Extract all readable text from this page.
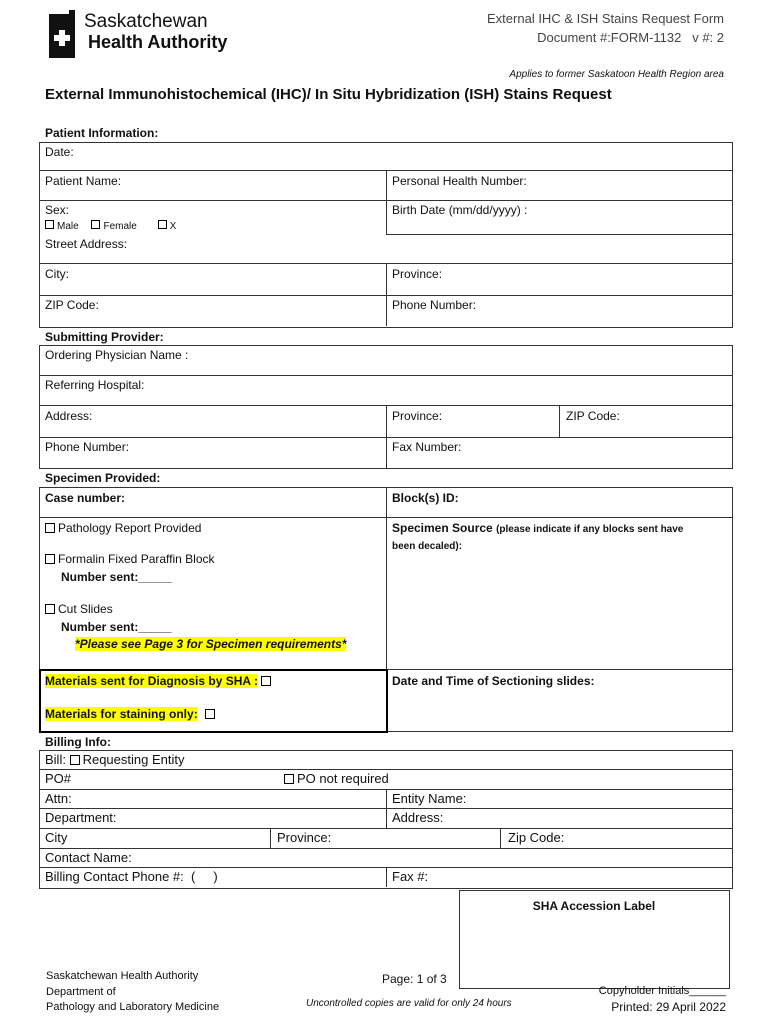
Saskatchewan
Health Authority
External IHC & ISH Stains Request Form
Document #:FORM-1132   v #: 2
Applies to former Saskatoon Health Region area
External Immunohistochemical (IHC)/ In Situ Hybridization (ISH) Stains Request
Patient Information:
Date:
Patient Name:	Personal Health Number:
Sex:
Male Female	X
Birth Date (mm/dd/yyyy) :
Street Address:
City:	Province:
ZIP Code:	Phone Number:
Submitting Provider:
Ordering Physician Name :
Referring Hospital:
Address:	Province:	ZIP Code:
Phone Number:	Fax Number:
Specimen Provided:
Case number:	Block(s) ID:
Pathology Report Provided
Formalin Fixed Paraffin Block
Number sent:_____
Cut Slides
Number sent:_____
*Please see Page 3 for Specimen requirements*
Specimen Source (please indicate if any blocks sent have
been decaled):
Materials sent for Diagnosis by SHA :
Materials for staining only:
Date and Time of Sectioning slides:
Billing Info:
Bill: Requesting Entity
PO#	PO not required
Attn:	Entity Name:
Department:	Address:
City	Province:	Zip Code:
Contact Name:
Billing Contact Phone #:  (     )	Fax #:
SHA Accession Label
Saskatchewan Health Authority
Department of
Pathology and Laboratory Medicine
Page: 1 of 3
Uncontrolled copies are valid for only 24 hours
Copyholder Initials______
Printed: 29 April 2022
